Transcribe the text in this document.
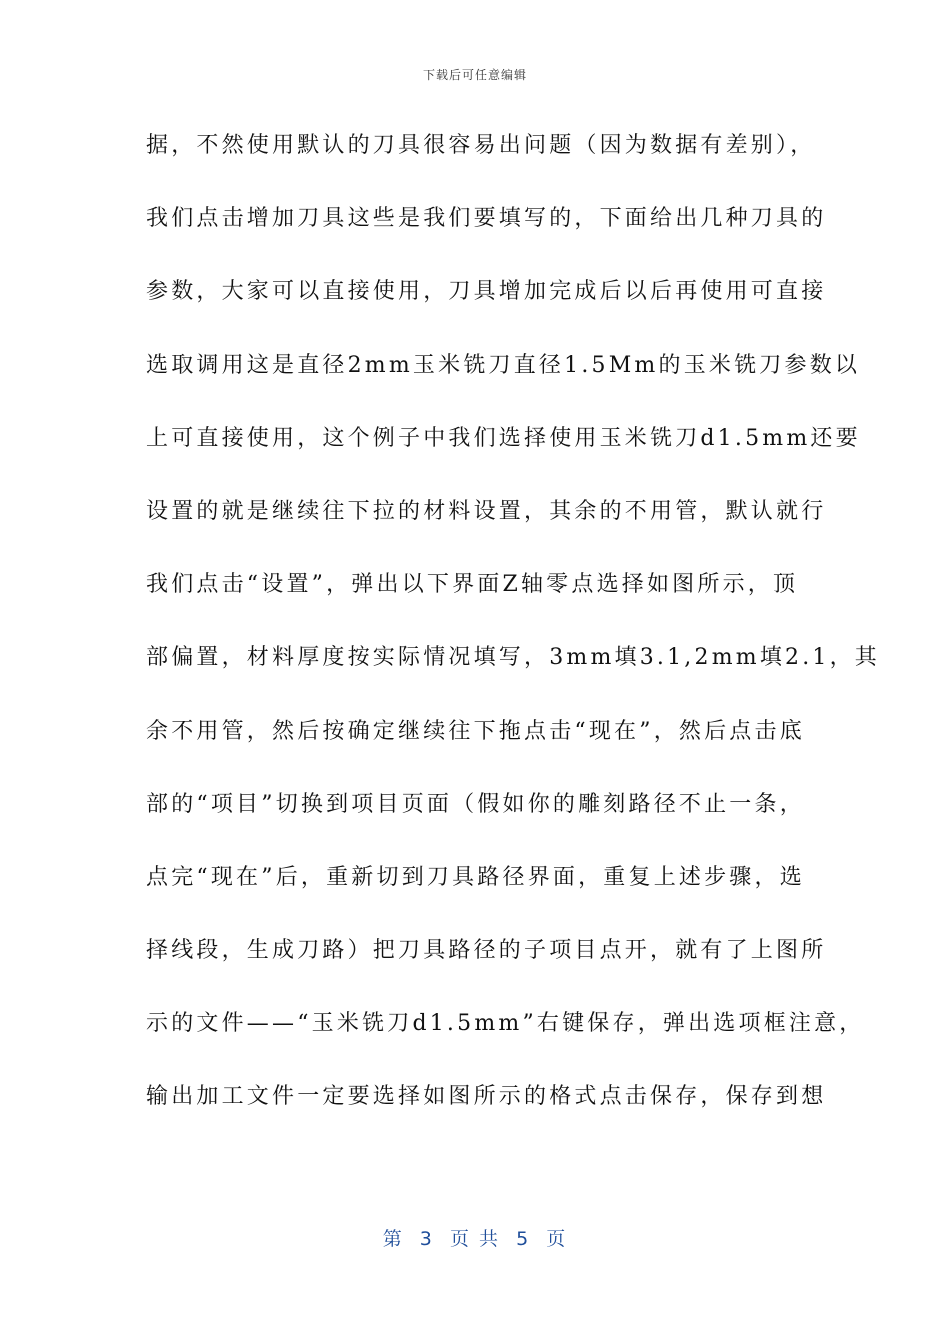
下载后可任意编辑
据，不然使用默认的刀具很容易出问题（因为数据有差别），
我们点击增加刀具这些是我们要填写的，下面给出几种刀具的
参数，大家可以直接使用，刀具增加完成后以后再使用可直接
选取调用这是直径2mm玉米铣刀直径1.5Mm的玉米铣刀参数以
上可直接使用，这个例子中我们选择使用玉米铣刀d1.5mm还要
设置的就是继续往下拉的材料设置，其余的不用管，默认就行
我们点击“设置”，弹出以下界面Z轴零点选择如图所示，顶
部偏置，材料厚度按实际情况填写，3mm填3.1,2mm填2.1，其
余不用管，然后按确定继续往下拖点击“现在”，然后点击底
部的“项目”切换到项目页面（假如你的雕刻路径不止一条，
点完“现在”后，重新切到刀具路径界面，重复上述步骤，选
择线段，生成刀路）把刀具路径的子项目点开，就有了上图所
示的文件——“玉米铣刀d1.5mm”右键保存，弹出选项框注意，
输出加工文件一定要选择如图所示的格式点击保存，保存到想
第  3  页 共  5  页
